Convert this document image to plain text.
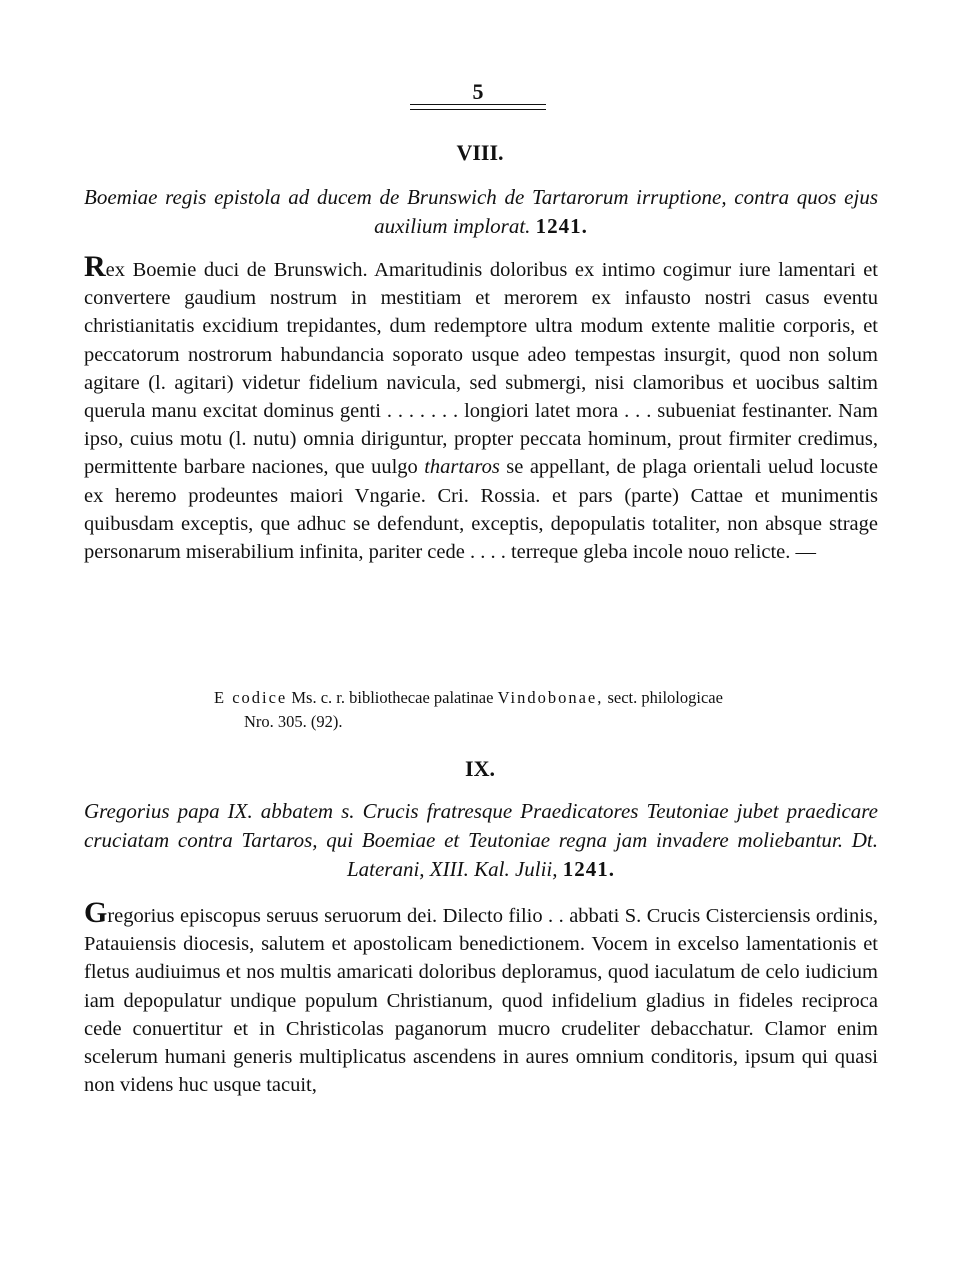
5
VIII.
Boemiae regis epistola ad ducem de Brunswich de Tartarorum irruptione, contra quos ejus auxilium implorat. 1241.

Rex Boemie duci de Brunswich. Amaritudinis doloribus ex intimo cogimur iure lamentari et convertere gaudium nostrum in mestitiam et merorem ex infausto nostri casus eventu christianitatis excidium trepidantes, dum redemptore ultra modum extente malitie corporis, et peccatorum nostrorum habundancia soporato usque adeo tempestas insurgit, quod non solum agitare (l. agitari) videtur fidelium navicula, sed submergi, nisi clamoribus et uocibus saltim querula manu excitat dominus genti . . . . . . . longiori latet mora . . . subueniat festinanter. Nam ipso, cuius motu (l. nutu) omnia diriguntur, propter peccata hominum, prout firmiter credimus, permittente barbare naciones, que uulgo thartaros se appellant, de plaga orientali uelud locuste ex heremo prodeuntes maiori Vngarie. Cri. Rossia. et pars (parte) Cattae et munimentis quibusdam exceptis, que adhuc se defendunt, exceptis, depopulatis totaliter, non absque strage personarum miserabilium infinita, pariter cede . . . . terreque gleba incole nouo relicte. —

E codice Ms. c. r. bibliothecae palatinae Vindobonae, sect. philologicae
Nro. 305. (92).

IX.
Gregorius papa IX. abbatem s. Crucis fratresque Praedicatores Teutoniae jubet praedicare cruciatam contra Tartaros, qui Boemiae et Teutoniae regna jam invadere moliebantur. Dt. Laterani, XIII. Kal. Julii, 1241.

Gregorius episcopus seruus seruorum dei. Dilecto filio . . abbati S. Crucis Cisterciensis ordinis, Patauiensis diocesis, salutem et apostolicam benedictionem. Vocem in excelso lamentationis et fletus audiuimus et nos multis amaricati doloribus deploramus, quod iaculatum de celo iudicium iam depopulatur undique populum Christianum, quod infidelium gladius in fideles reciproca cede conuertitur et in Christicolas paganorum mucro crudeliter debacchatur. Clamor enim scelerum humani generis multiplicatus ascendens in aures omnium conditoris, ipsum qui quasi non videns huc usque tacuit,
